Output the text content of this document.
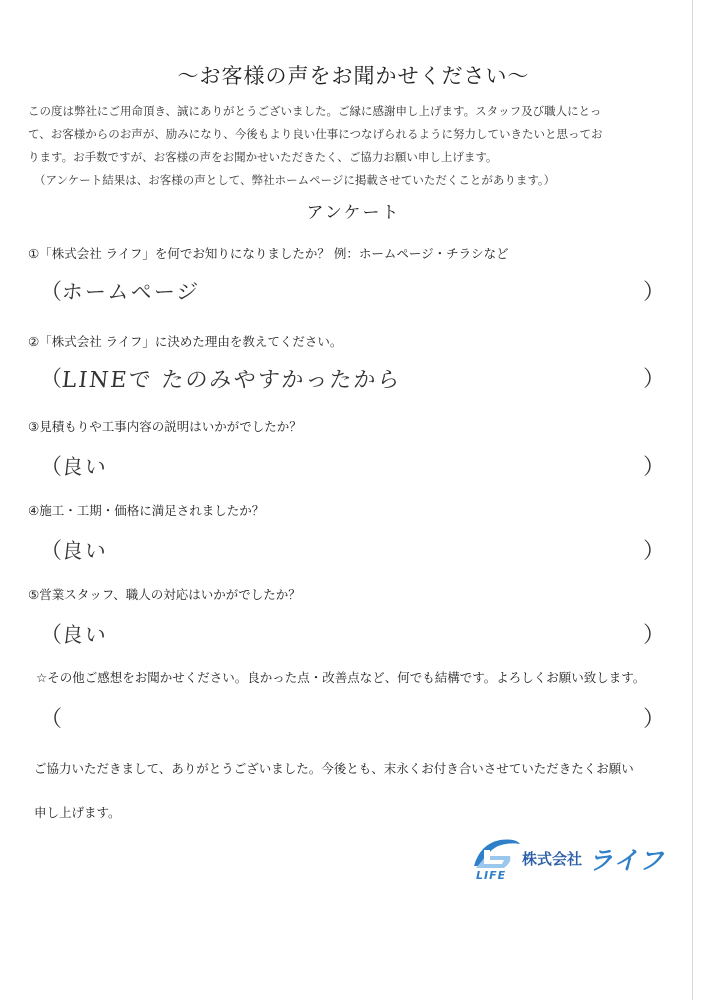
〜お客様の声をお聞かせください〜

この度は弊社にご用命頂き、誠にありがとうございました。ご縁に感謝申し上げます。スタッフ及び職人にとっ

て、お客様からのお声が、励みになり、今後もより良い仕事につなげられるように努力していきたいと思ってお

ります。お手数ですが、お客様の声をお聞かせいただきたく、ご協力お願い申し上げます。

（アンケート結果は、お客様の声として、弊社ホームページに掲載させていただくことがあります。）

アンケート
①「株式会社 ライフ」を何でお知りになりましたか？ 例：ホームページ・チラシなど
（
ホームページ	）
②「株式会社 ライフ」に決めた理由を教えてください。
（
LINEで たのみやすかったから	）
③見積もりや工事内容の説明はいかがでしたか？
（
良い	）
④施工・工期・価格に満足されましたか？
（
良い	）
⑤営業スタッフ、職人の対応はいかがでしたか？
（
良い	）
☆その他ご感想をお聞かせください。良かった点・改善点など、何でも結構です。よろしくお願い致します。
（	）
ご協力いただきまして、ありがとうございました。今後とも、末永くお付き合いさせていただきたくお願い
申し上げます。
LIFE
株式会社 ライフ
